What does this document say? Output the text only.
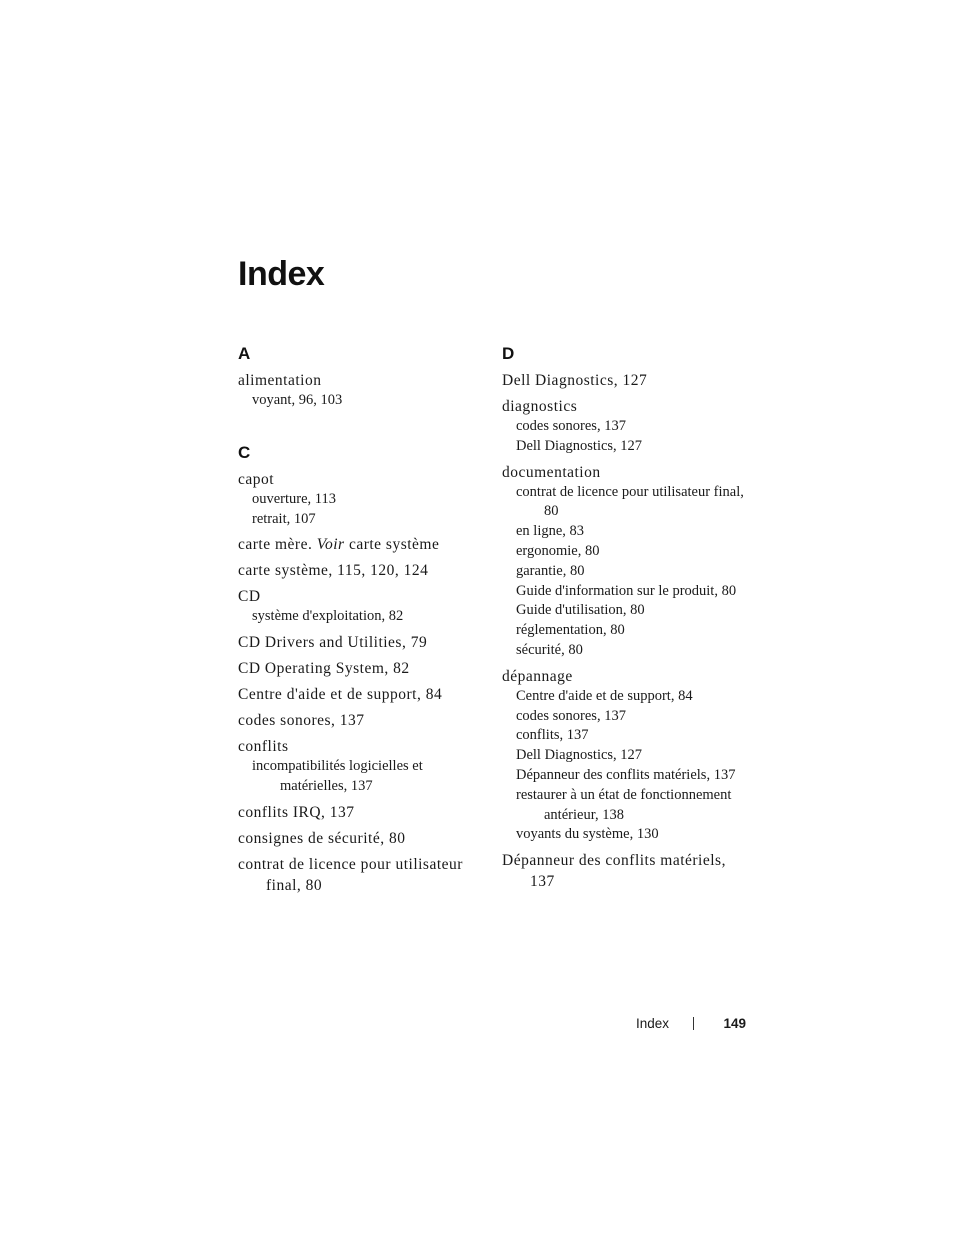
Index
A
alimentation
voyant, 96, 103
C
capot
ouverture, 113
retrait, 107
carte mère. Voir carte système
carte système, 115, 120, 124
CD
système d'exploitation, 82
CD Drivers and Utilities, 79
CD Operating System, 82
Centre d'aide et de support, 84
codes sonores, 137
conflits
incompatibilités logicielles et matérielles, 137
conflits IRQ, 137
consignes de sécurité, 80
contrat de licence pour utilisateur final, 80
D
Dell Diagnostics, 127
diagnostics
codes sonores, 137
Dell Diagnostics, 127
documentation
contrat de licence pour utilisateur final, 80
en ligne, 83
ergonomie, 80
garantie, 80
Guide d'information sur le produit, 80
Guide d'utilisation, 80
réglementation, 80
sécurité, 80
dépannage
Centre d'aide et de support, 84
codes sonores, 137
conflits, 137
Dell Diagnostics, 127
Dépanneur des conflits matériels, 137
restaurer à un état de fonctionnement antérieur, 138
voyants du système, 130
Dépanneur des conflits matériels, 137
Index	149
